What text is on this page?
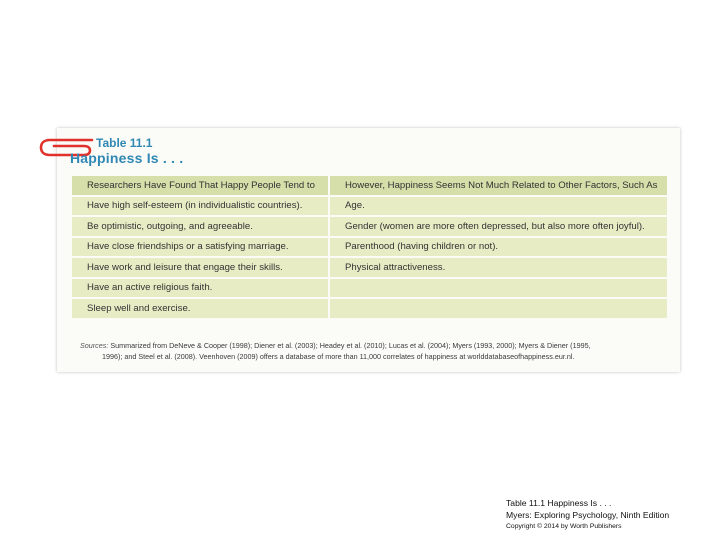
Table 11.1
Happiness Is . . .
Researchers Have Found That Happy People Tend to	However, Happiness Seems Not Much Related to Other Factors, Such As
Have high self-esteem (in individualistic countries).	Age.
Be optimistic, outgoing, and agreeable.	Gender (women are more often depressed, but also more often joyful).
Have close friendships or a satisfying marriage.	Parenthood (having children or not).
Have work and leisure that engage their skills.	Physical attractiveness.
Have an active religious faith.	
Sleep well and exercise.	
Sources: Summarized from DeNeve & Cooper (1998); Diener et al. (2003); Headey et al. (2010); Lucas et al. (2004); Myers (1993, 2000); Myers & Diener (1995,
1996); and Steel et al. (2008). Veenhoven (2009) offers a database of more than 11,000 correlates of happiness at worlddatabaseofhappiness.eur.nl.
Table 11.1 Happiness Is . . .
Myers: Exploring Psychology, Ninth Edition
Copyright © 2014 by Worth Publishers
